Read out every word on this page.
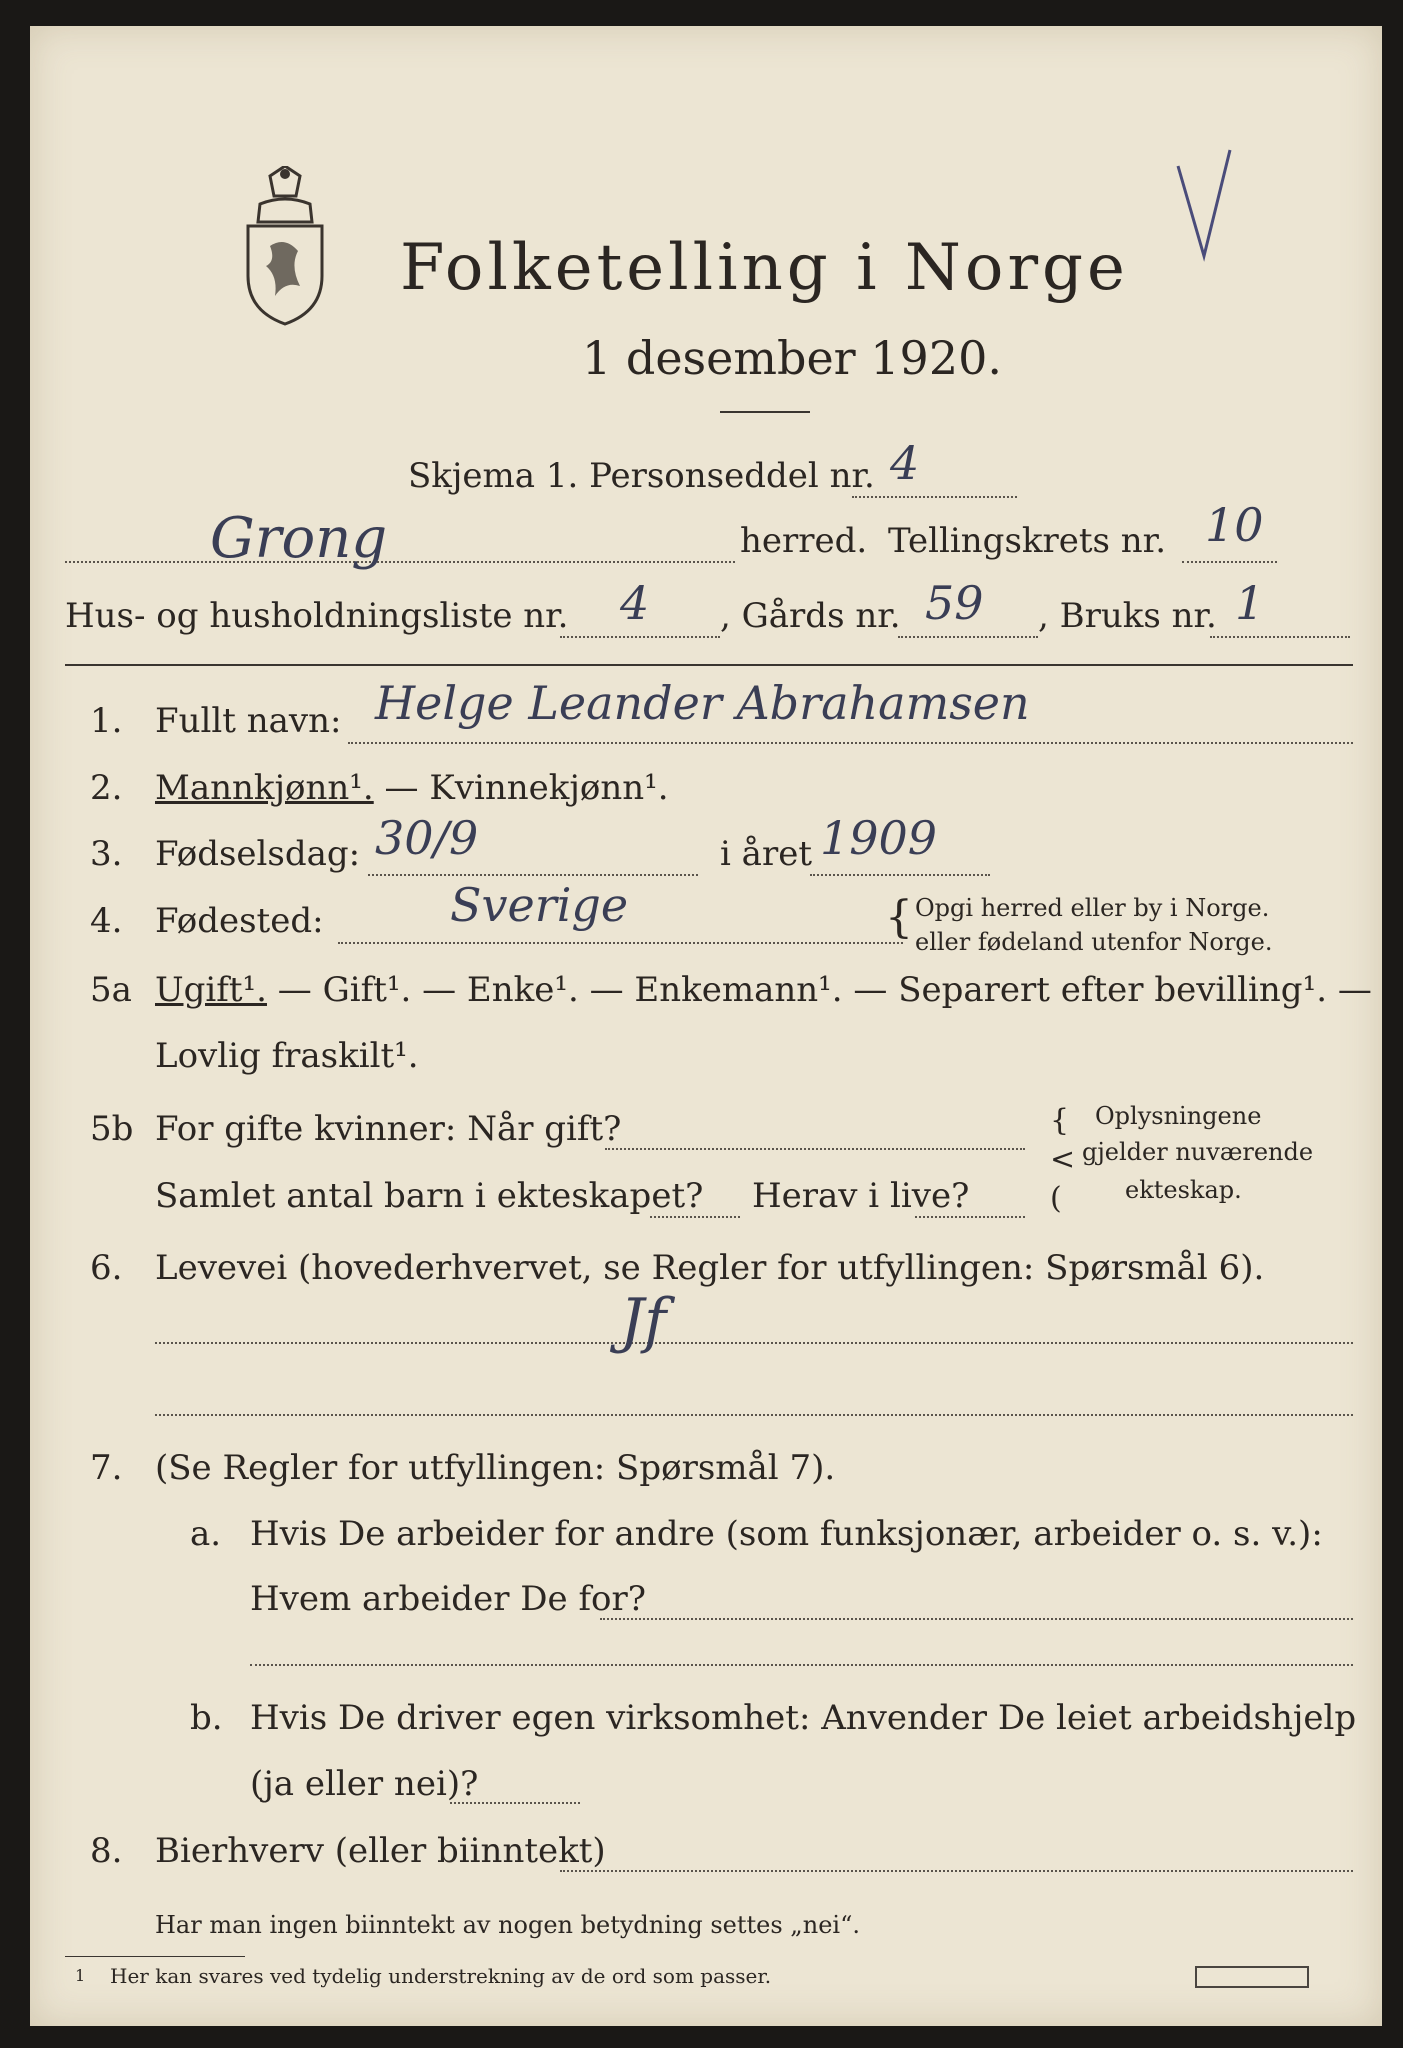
Folketelling i Norge
1 desember 1920.
Skjema 1. Personseddel nr. 4
Grong	herred. Tellingskrets nr. 10
Hus- og husholdningsliste nr. 4 , Gårds nr. 59 , Bruks nr. 1
1. Fullt navn: Helge Leander Abrahamsen
2. Mannkjønn¹. — Kvinnekjønn¹.
3. Fødselsdag: 30/9	i året 1909
4. Fødested:	Sverige	{ Opgi herred eller by i Norge.
eller fødeland utenfor Norge.
5a Ugift¹. — Gift¹. — Enke¹. — Enkemann¹. — Separert efter bevilling¹. —
Lovlig fraskilt¹.
5b For gifte kvinner: Når gift?
Samlet antal barn i ekteskapet? Herav i live?
{
<
(
Oplysningene
gjelder nuværende
ekteskap.
6. Levevei (hovederhvervet, se Regler for utfyllingen: Spørsmål 6).
Jf
7. (Se Regler for utfyllingen: Spørsmål 7).
a. Hvis De arbeider for andre (som funksjonær, arbeider o. s. v.):
Hvem arbeider De for?
b. Hvis De driver egen virksomhet: Anvender De leiet arbeidshjelp
(ja eller nei)?
8. Bierhverv (eller biinntekt)
Har man ingen biinntekt av nogen betydning settes „nei“.
1 Her kan svares ved tydelig understrekning av de ord som passer.
